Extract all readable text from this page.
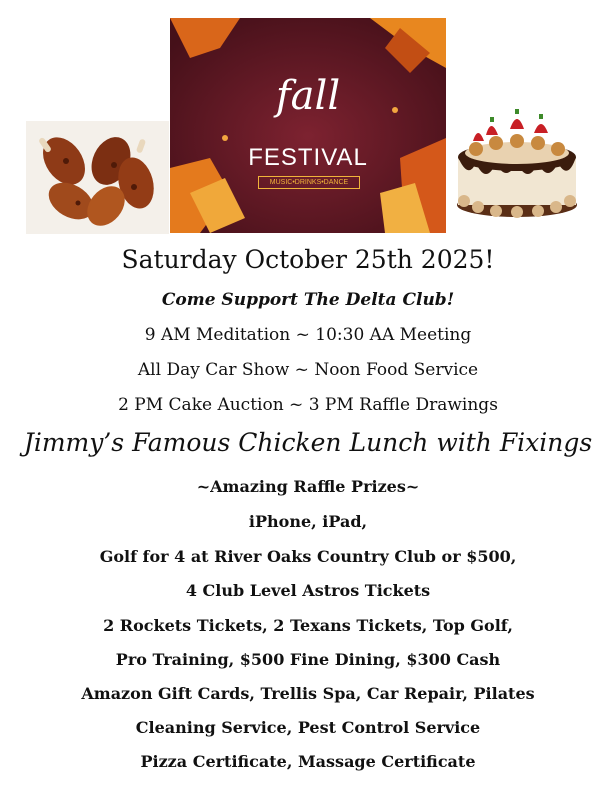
fall
FESTIVAL
MUSIC•DRINKS•DANCE
Saturday October 25th 2025!
Come Support The Delta Club!
9 AM Meditation ~ 10:30 AA Meeting
All Day Car Show ~ Noon Food Service
2 PM Cake Auction ~ 3 PM Raffle Drawings
Jimmy’s Famous Chicken Lunch with Fixings
~Amazing Raffle Prizes~
iPhone, iPad,
Golf for 4 at River Oaks Country Club or $500,
4 Club Level Astros Tickets
2 Rockets Tickets, 2 Texans Tickets, Top Golf,
Pro Training, $500 Fine Dining, $300 Cash
Amazon Gift Cards, Trellis Spa, Car Repair, Pilates
Cleaning Service, Pest Control Service
Pizza Certificate, Massage Certificate
